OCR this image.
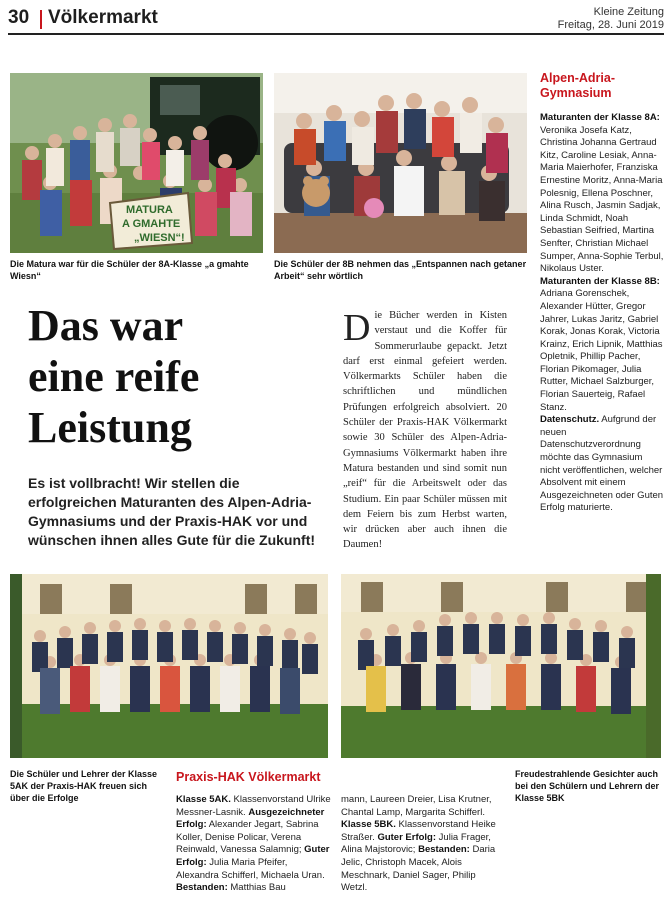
30 Völkermarkt	Kleine Zeitung
Freitag, 28. Juni 2019
MATURA
A GMAHTE
„WIESN“!
Die Matura war für die Schüler der 8A-Klasse „a gmahte Wiesn“
Die Schüler der 8B nehmen das „Entspannen nach getaner Arbeit“ sehr wörtlich
Alpen-Adria-Gymnasium

Maturanten der Klasse 8A: Veronika Josefa Katz, Christina Johanna Gertraud Kitz, Caroline Lesiak, Anna-Maria Maierhofer, Franziska Ernestine Moritz, Anna-Maria Polesnig, Ellena Poschner, Alina Rusch, Jasmin Sadjak, Linda Schmidt, Noah Sebastian Seifried, Martina Senfter, Christian Michael Sumper, Anna-Sophie Terbul, Nikolaus Uster.

Maturanten der Klasse 8B: Adriana Gorenschek, Alexander Hütter, Gregor Jahrer, Lukas Jaritz, Gabriel Korak, Jonas Korak, Victoria Krainz, Erich Lipnik, Matthias Opletnik, Phillip Pacher, Florian Pikomager, Julia Rutter, Michael Salzburger, Florian Sauerteig, Rafael Stanz.

Datenschutz. Aufgrund der neuen Datenschutzverordnung möchte das Gymnasium nicht veröffentlichen, welcher Absolvent mit einem Ausgezeichneten oder Guten Erfolg maturierte.

Das war
eine reife
Leistung

Es ist vollbracht! Wir stellen die erfolgreichen Maturanten des Alpen-Adria-Gymnasiums und der Praxis-HAK vor und wünschen ihnen alles Gute für die Zukunft!

Die Bücher werden in Kisten verstaut und die Koffer für Sommerurlaube gepackt. Jetzt darf erst einmal gefeiert werden. Völkermarkts Schüler haben die schriftlichen und mündlichen Prüfungen erfolgreich absolviert. 20 Schüler der Praxis-HAK Völkermarkt sowie 30 Schüler des Alpen-Adria-Gymnasiums Völkermarkt haben ihre Matura bestanden und sind somit nun „reif“ für die Arbeitswelt oder das Studium. Ein paar Schüler müssen mit dem Feiern bis zum Herbst warten, wir drücken aber auch ihnen die Daumen!

Die Schüler und Lehrer der Klasse 5AK der Praxis-HAK freuen sich über die Erfolge
Freudestrahlende Gesichter auch bei den Schülern und Lehrern der Klasse 5BK
Praxis-HAK Völkermarkt

Klasse 5AK. Klassenvorstand Ulrike Messner-Lasnik. Ausgezeichneter Erfolg: Alexander Jegart, Sabrina Koller, Denise Policar, Verena Reinwald, Vanessa Salamnig; Guter Erfolg: Julia Maria Pfeifer, Alexandra Schifferl, Michaela Uran. Bestanden: Matthias Bau

mann, Laureen Dreier, Lisa Krutner, Chantal Lamp, Margarita Schifferl.

Klasse 5BK. Klassenvorstand Heike Straßer. Guter Erfolg: Julia Frager, Alina Majstorovic; Bestanden: Daria Jelic, Christoph Macek, Alois Meschnark, Daniel Sager, Philip Wetzl.
